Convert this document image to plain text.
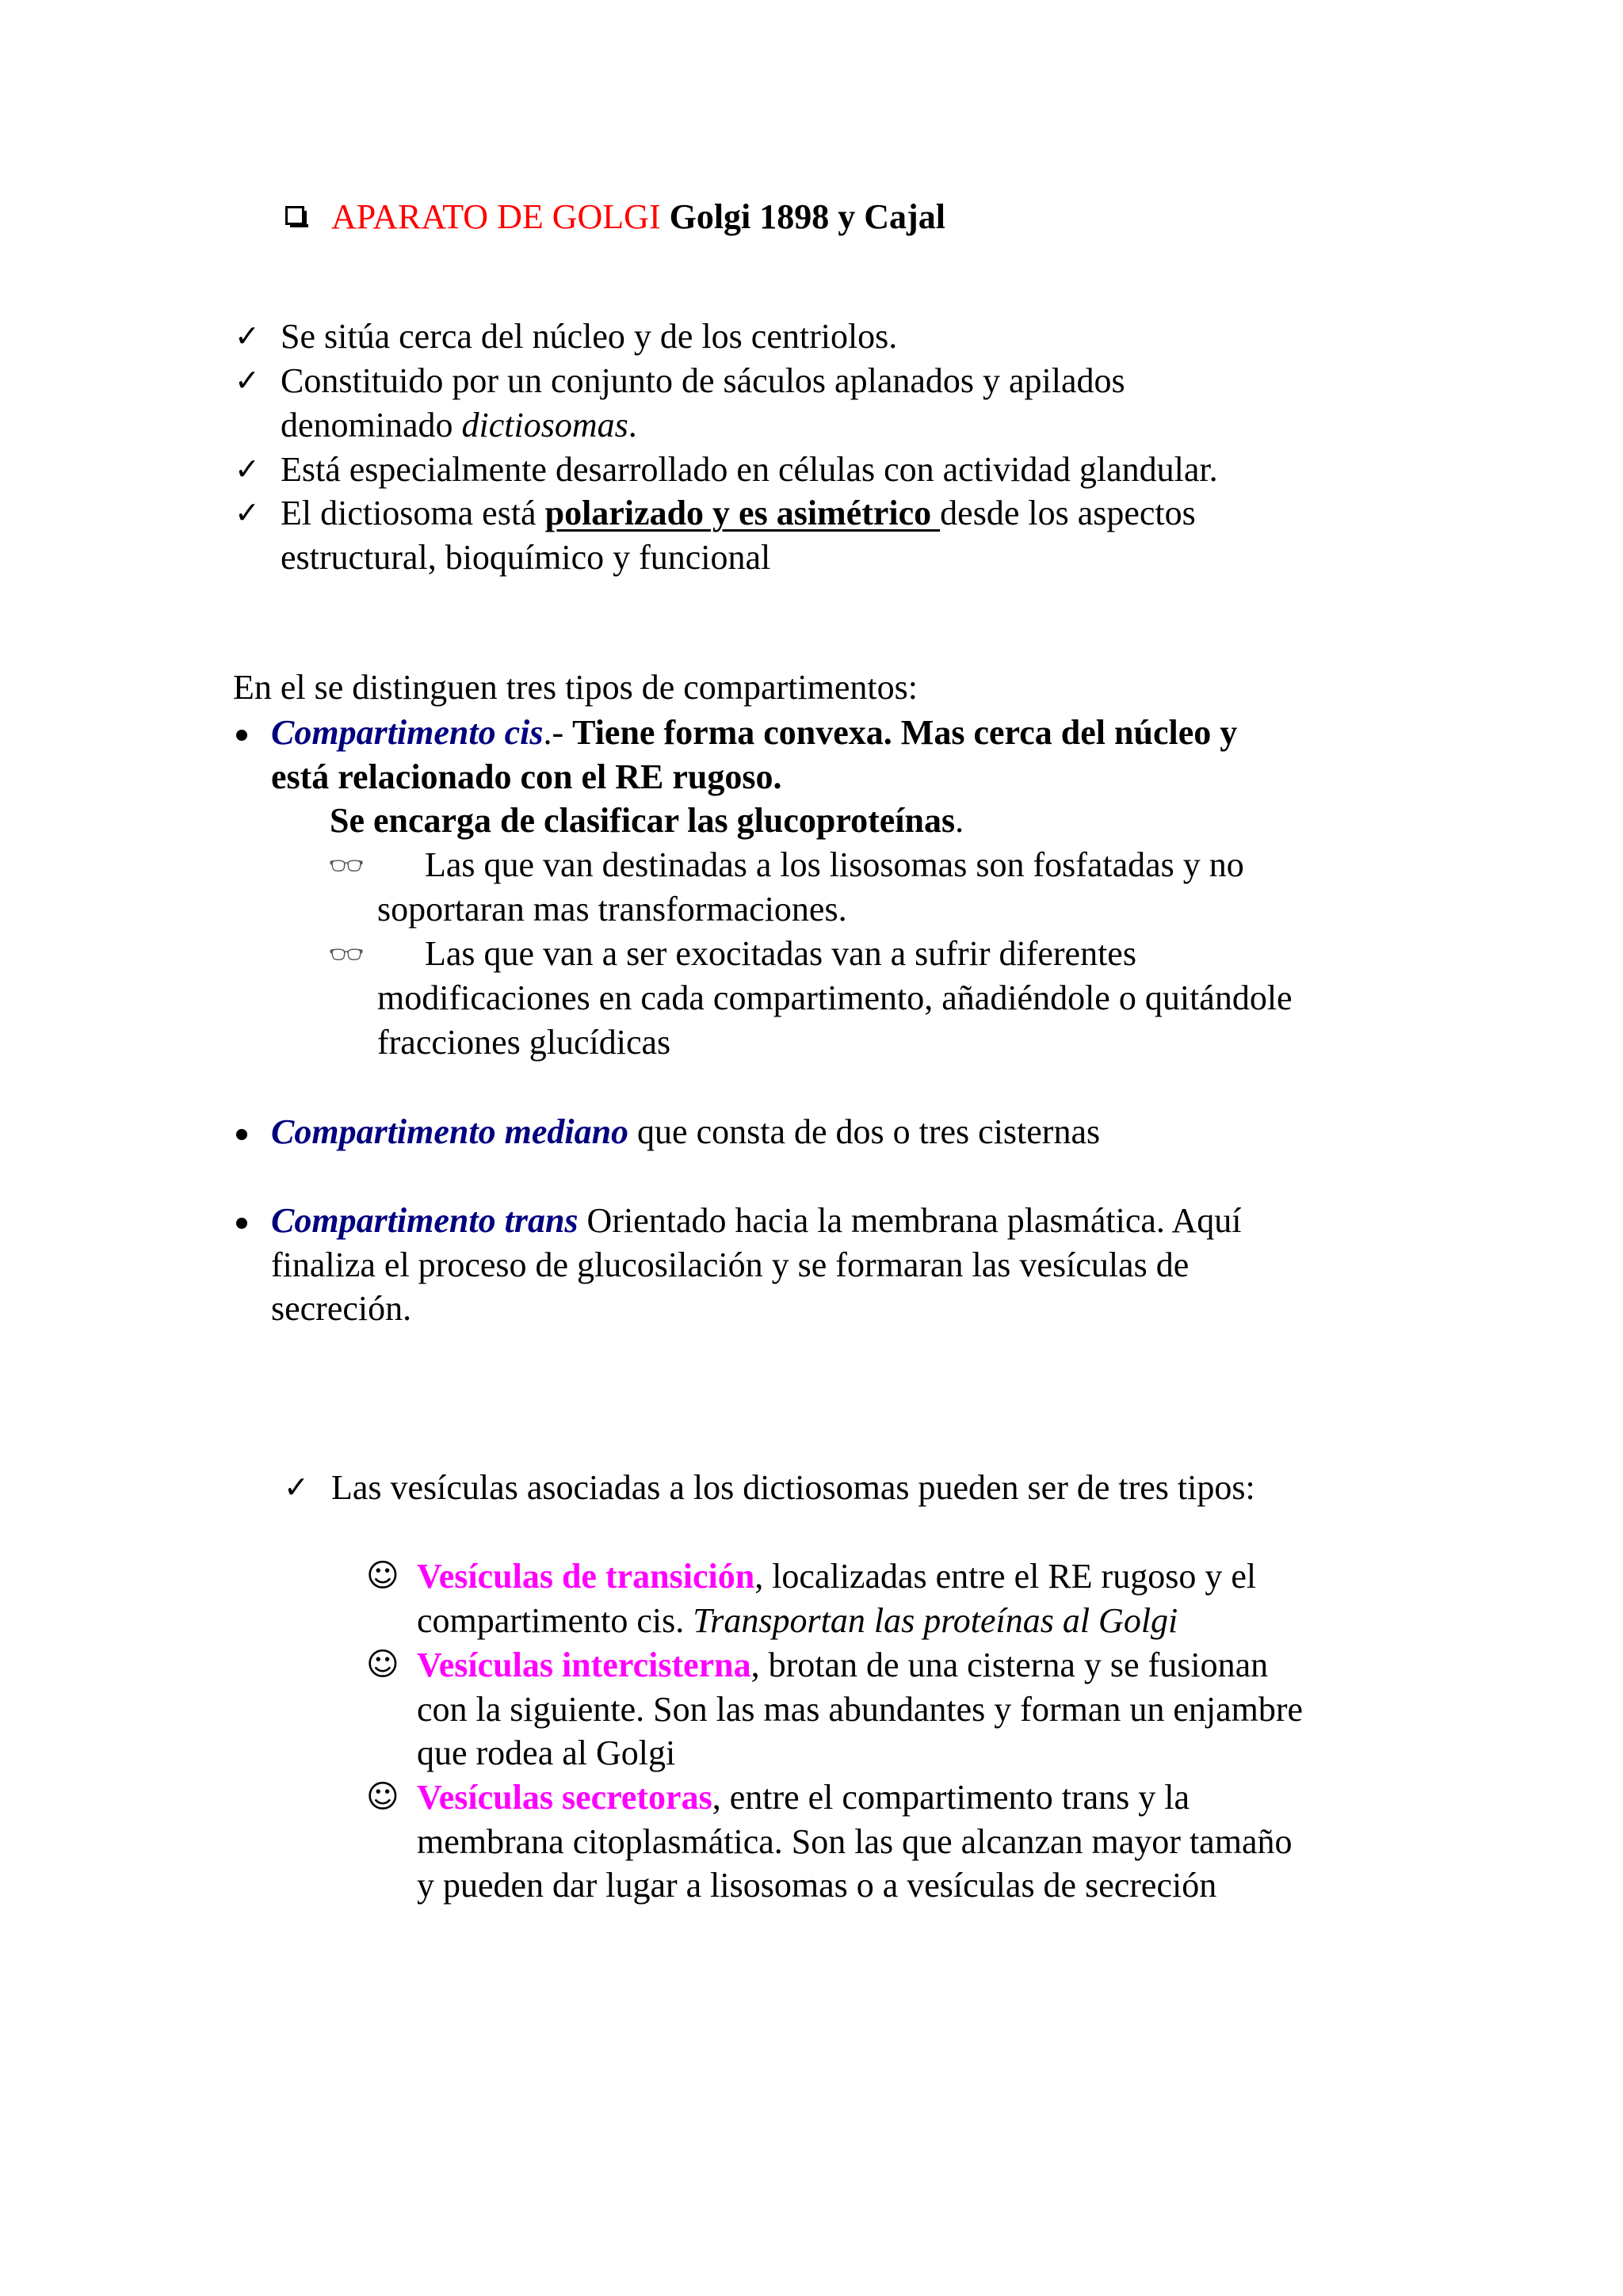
APARATO DE GOLGI Golgi 1898 y Cajal
✓ Se sitúa cerca del núcleo y de los centriolos.
✓ Constituido por un conjunto de sáculos aplanados y apilados
denominado dictiosomas.
✓ Está especialmente desarrollado en células con actividad glandular.
✓ El dictiosoma está polarizado y es asimétrico desde los aspectos
estructural, bioquímico y funcional
En el se distinguen tres tipos de compartimentos:
Compartimento cis.- Tiene forma convexa. Mas cerca del núcleo y
está relacionado con el RE rugoso.
Se encarga de clasificar las glucoproteínas.
👓︎ Las que van destinadas a los lisosomas son fosfatadas y no
soportaran mas transformaciones.
👓︎ Las que van a ser exocitadas van a sufrir diferentes
modificaciones en cada compartimento, añadiéndole o quitándole
fracciones glucídicas
Compartimento mediano que consta de dos o tres cisternas
Compartimento trans Orientado hacia la membrana plasmática. Aquí
finaliza el proceso de glucosilación y se formaran las vesículas de
secreción.
✓ Las vesículas asociadas a los dictiosomas pueden ser de tres tipos:
☺ Vesículas de transición, localizadas entre el RE rugoso y el
compartimento cis. Transportan las proteínas al Golgi
☺ Vesículas intercisterna, brotan de una cisterna y se fusionan
con la siguiente. Son las mas abundantes y forman un enjambre
que rodea al Golgi
☺ Vesículas secretoras, entre el compartimento trans y la
membrana citoplasmática. Son las que alcanzan mayor tamaño
y pueden dar lugar a lisosomas o a vesículas de secreción
